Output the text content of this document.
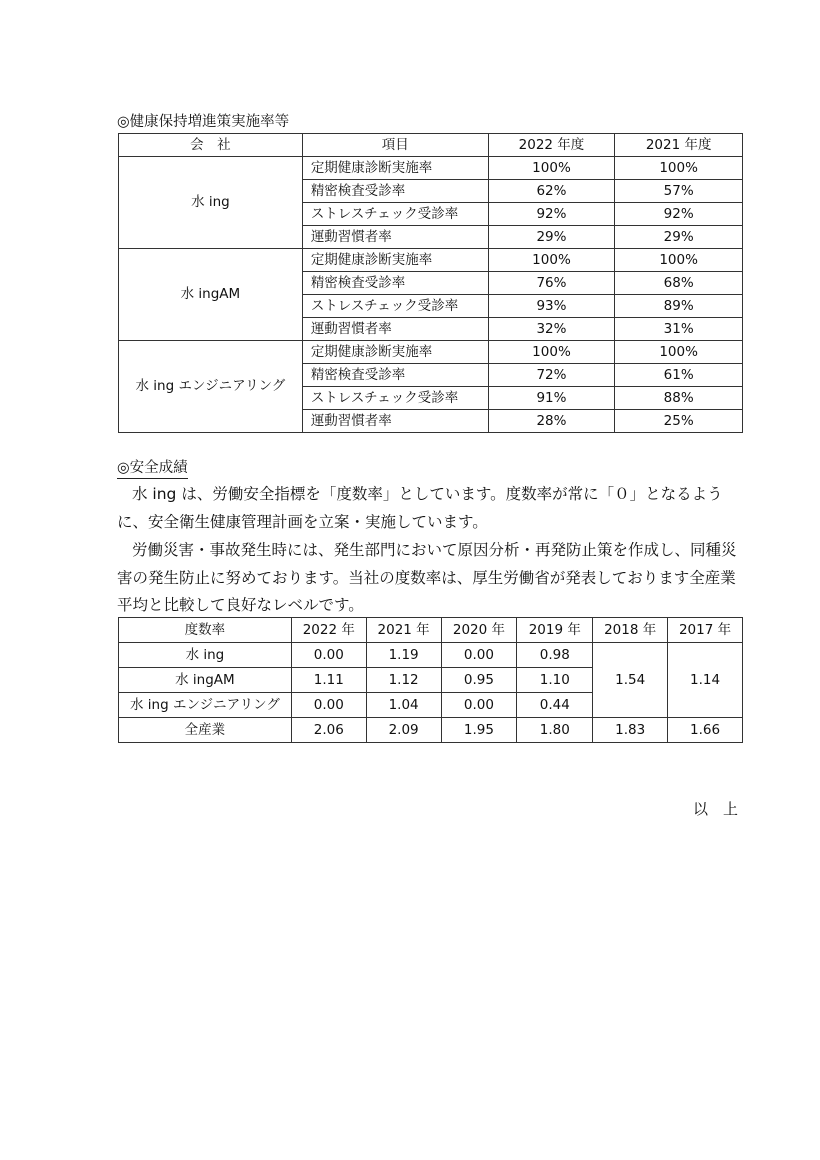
◎健康保持増進策実施率等
会　社	項目	2022 年度	2021 年度
水 ing	定期健康診断実施率	100%	100%
	精密検査受診率	62%	57%
	ストレスチェック受診率	92%	92%
	運動習慣者率	29%	29%
水 ingAM	定期健康診断実施率	100%	100%
	精密検査受診率	76%	68%
	ストレスチェック受診率	93%	89%
	運動習慣者率	32%	31%
水 ing エンジニアリング	定期健康診断実施率	100%	100%
	精密検査受診率	72%	61%
	ストレスチェック受診率	91%	88%
	運動習慣者率	28%	25%
◎安全成績
水 ing は、労働安全指標を「度数率」としています。度数率が常に「０」となるように、安全衛生健康管理計画を立案・実施しています。
労働災害・事故発生時には、発生部門において原因分析・再発防止策を作成し、同種災害の発生防止に努めております。当社の度数率は、厚生労働省が発表しております全産業平均と比較して良好なレベルです。
度数率	2022 年	2021 年	2020 年	2019 年	2018 年	2017 年
水 ing	0.00	1.19	0.00	0.98	1.54	1.14
水 ingAM	1.11	1.12	0.95	1.10		
水 ing エンジニアリング	0.00	1.04	0.00	0.44		
全産業	2.06	2.09	1.95	1.80	1.83	1.66
以　上
